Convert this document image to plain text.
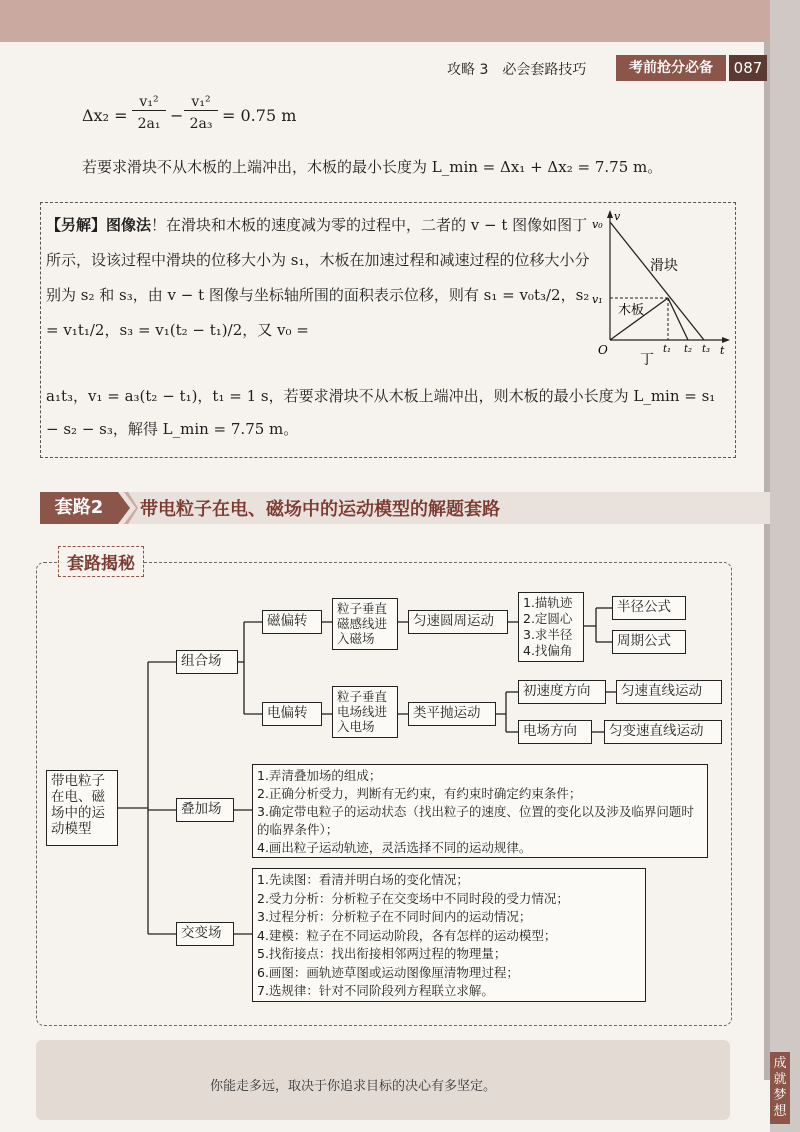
攻略 3　必会套路技巧	考前抢分必备	087
Δx₂ =
v₁²
2a₁ −
v₁²
2a₃ = 0.75 m
若要求滑块不从木板的上端冲出，木板的最小长度为 L_min = Δx₁ + Δx₂ = 7.75 m。
【另解】图像法！在滑块和木板的速度减为零的过程中，二者的 v − t 图像如图丁所示，设该过程中滑块的位移大小为 s₁，木板在加速过程和减速过程的位移大小分别为 s₂ 和 s₃，由 v − t 图像与坐标轴所围的面积表示位移，则有 s₁ = v₀t₃/2，s₂ = v₁t₁/2，s₃ = v₁(t₂ − t₁)/2，又 v₀ =
a₁t₃，v₁ = a₃(t₂ − t₁)，t₁ = 1 s，若要求滑块不从木板上端冲出，则木板的最小长度为 L_min = s₁ − s₂ − s₃，解得 L_min = 7.75 m。
v
v₀
v₁
O	t
t₁ t₂ t₃
滑块
木板
丁
套路2	带电粒子在电、磁场中的运动模型的解题套路
套路揭秘
带电粒子在电、磁场中的运动模型
组合场
叠加场
交变场
磁偏转
粒子垂直磁感线进入磁场
匀速圆周运动
1.描轨迹
2.定圆心
3.求半径
4.找偏角
半径公式
周期公式
电偏转
粒子垂直电场线进入电场
类平抛运动
初速度方向	匀速直线运动
电场方向	匀变速直线运动
1.弄清叠加场的组成；
2.正确分析受力，判断有无约束，有约束时确定约束条件；
3.确定带电粒子的运动状态（找出粒子的速度、位置的变化以及涉及临界问题时的临界条件）；
4.画出粒子运动轨迹，灵活选择不同的运动规律。
1.先读图：看清并明白场的变化情况；
2.受力分析：分析粒子在交变场中不同时段的受力情况；
3.过程分析：分析粒子在不同时间内的运动情况；
4.建模：粒子在不同运动阶段，各有怎样的运动模型；
5.找衔接点：找出衔接相邻两过程的物理量；
6.画图：画轨迹草图或运动图像厘清物理过程；
7.选规律：针对不同阶段列方程联立求解。
你能走多远，取决于你追求目标的决心有多坚定。
成就梦想
